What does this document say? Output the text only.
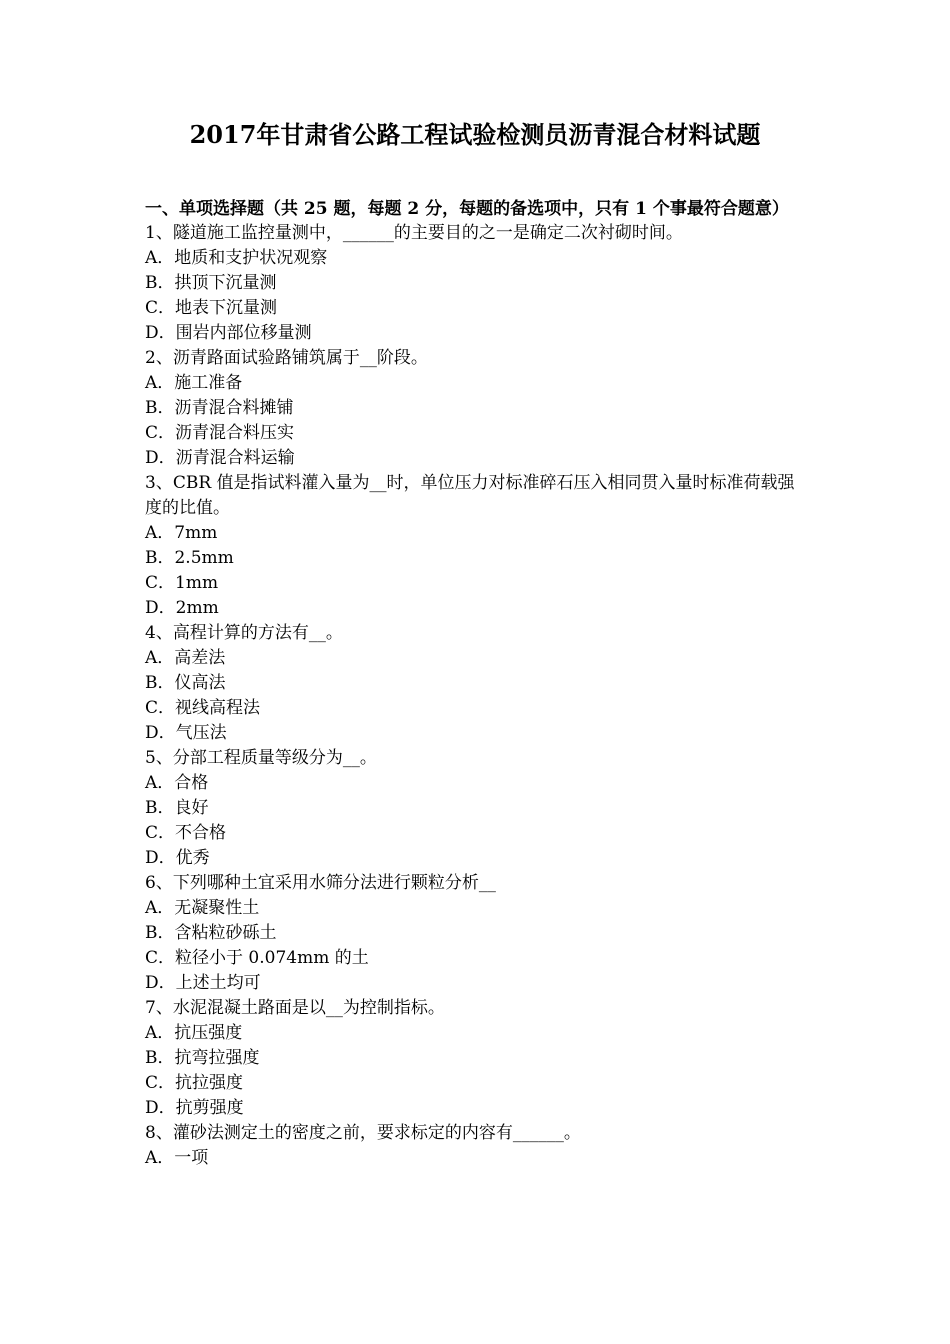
2017年甘肃省公路工程试验检测员沥青混合材料试题

一、单项选择题（共 25 题，每题 2 分，每题的备选项中，只有 1 个事最符合题意）

1、隧道施工监控量测中，______的主要目的之一是确定二次衬砌时间。

A．地质和支护状况观察

B．拱顶下沉量测

C．地表下沉量测

D．围岩内部位移量测

2、沥青路面试验路铺筑属于__阶段。

A．施工准备

B．沥青混合料摊铺

C．沥青混合料压实

D．沥青混合料运输

3、CBR 值是指试料灌入量为__时，单位压力对标准碎石压入相同贯入量时标准荷载强度的比值。

A．7mm

B．2.5mm

C．1mm

D．2mm

4、高程计算的方法有__。

A．高差法

B．仪高法

C．视线高程法

D．气压法

5、分部工程质量等级分为__。

A．合格

B．良好

C．不合格

D．优秀

6、下列哪种土宜采用水筛分法进行颗粒分析__

A．无凝聚性土

B．含粘粒砂砾土

C．粒径小于 0.074mm 的土

D．上述土均可

7、水泥混凝土路面是以__为控制指标。

A．抗压强度

B．抗弯拉强度

C．抗拉强度

D．抗剪强度

8、灌砂法测定土的密度之前，要求标定的内容有______。

A．一项
